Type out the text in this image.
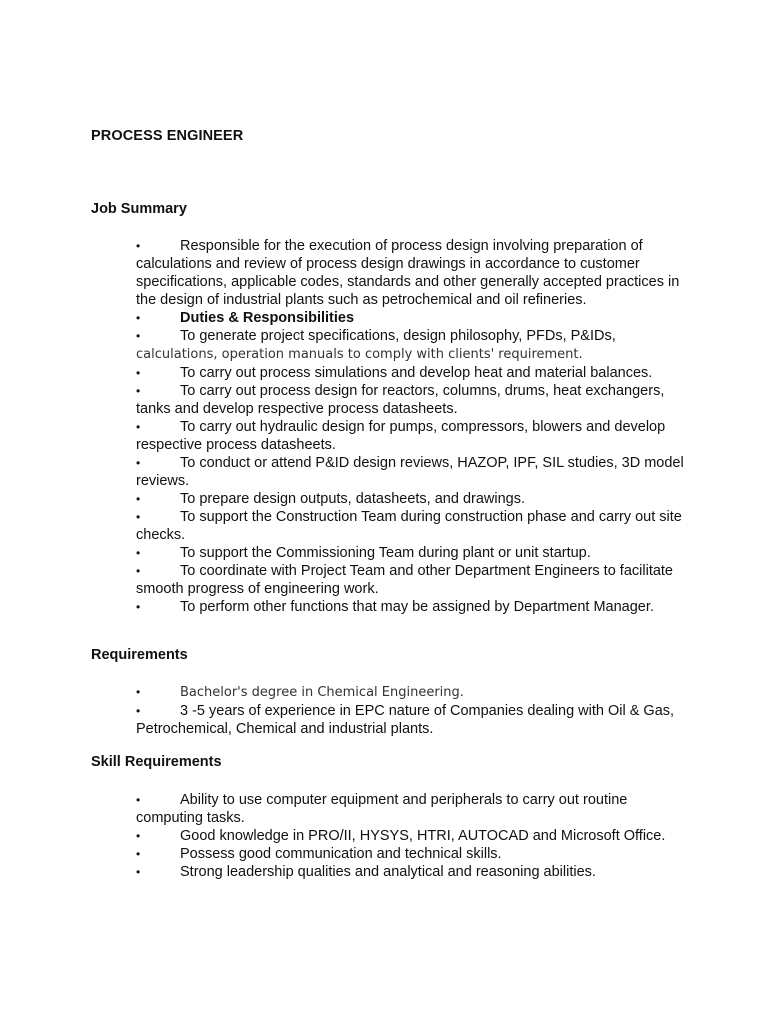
PROCESS ENGINEER
Job Summary
•	Responsible for the execution of process design involving preparation of calculations and review of process design drawings in accordance to customer specifications, applicable codes, standards and other generally accepted practices in the design of industrial plants such as petrochemical and oil refineries.
•	Duties & Responsibilities
•	To generate project specifications, design philosophy, PFDs, P&IDs,
calculations, operation manuals to comply with clients' requirement.
•	To carry out process simulations and develop heat and material balances.
•	To carry out process design for reactors, columns, drums, heat exchangers, tanks and develop respective process datasheets.
•	To carry out hydraulic design for pumps, compressors, blowers and develop respective process datasheets.
•	To conduct or attend P&ID design reviews, HAZOP, IPF, SIL studies, 3D model reviews.
•	To prepare design outputs, datasheets, and drawings.
•	To support the Construction Team during construction phase and carry out site checks.
•	To support the Commissioning Team during plant or unit startup.
•	To coordinate with Project Team and other Department Engineers to facilitate smooth progress of engineering work.
•	To perform other functions that may be assigned by Department Manager.
Requirements
•	Bachelor's degree in Chemical Engineering.
•	3 -5 years of experience in EPC nature of Companies dealing with Oil & Gas, Petrochemical, Chemical and industrial plants.
Skill Requirements
•	Ability to use computer equipment and peripherals to carry out routine computing tasks.
•	Good knowledge in PRO/II, HYSYS, HTRI, AUTOCAD and Microsoft Office.
•	Possess good communication and technical skills.
•	Strong leadership qualities and analytical and reasoning abilities.
